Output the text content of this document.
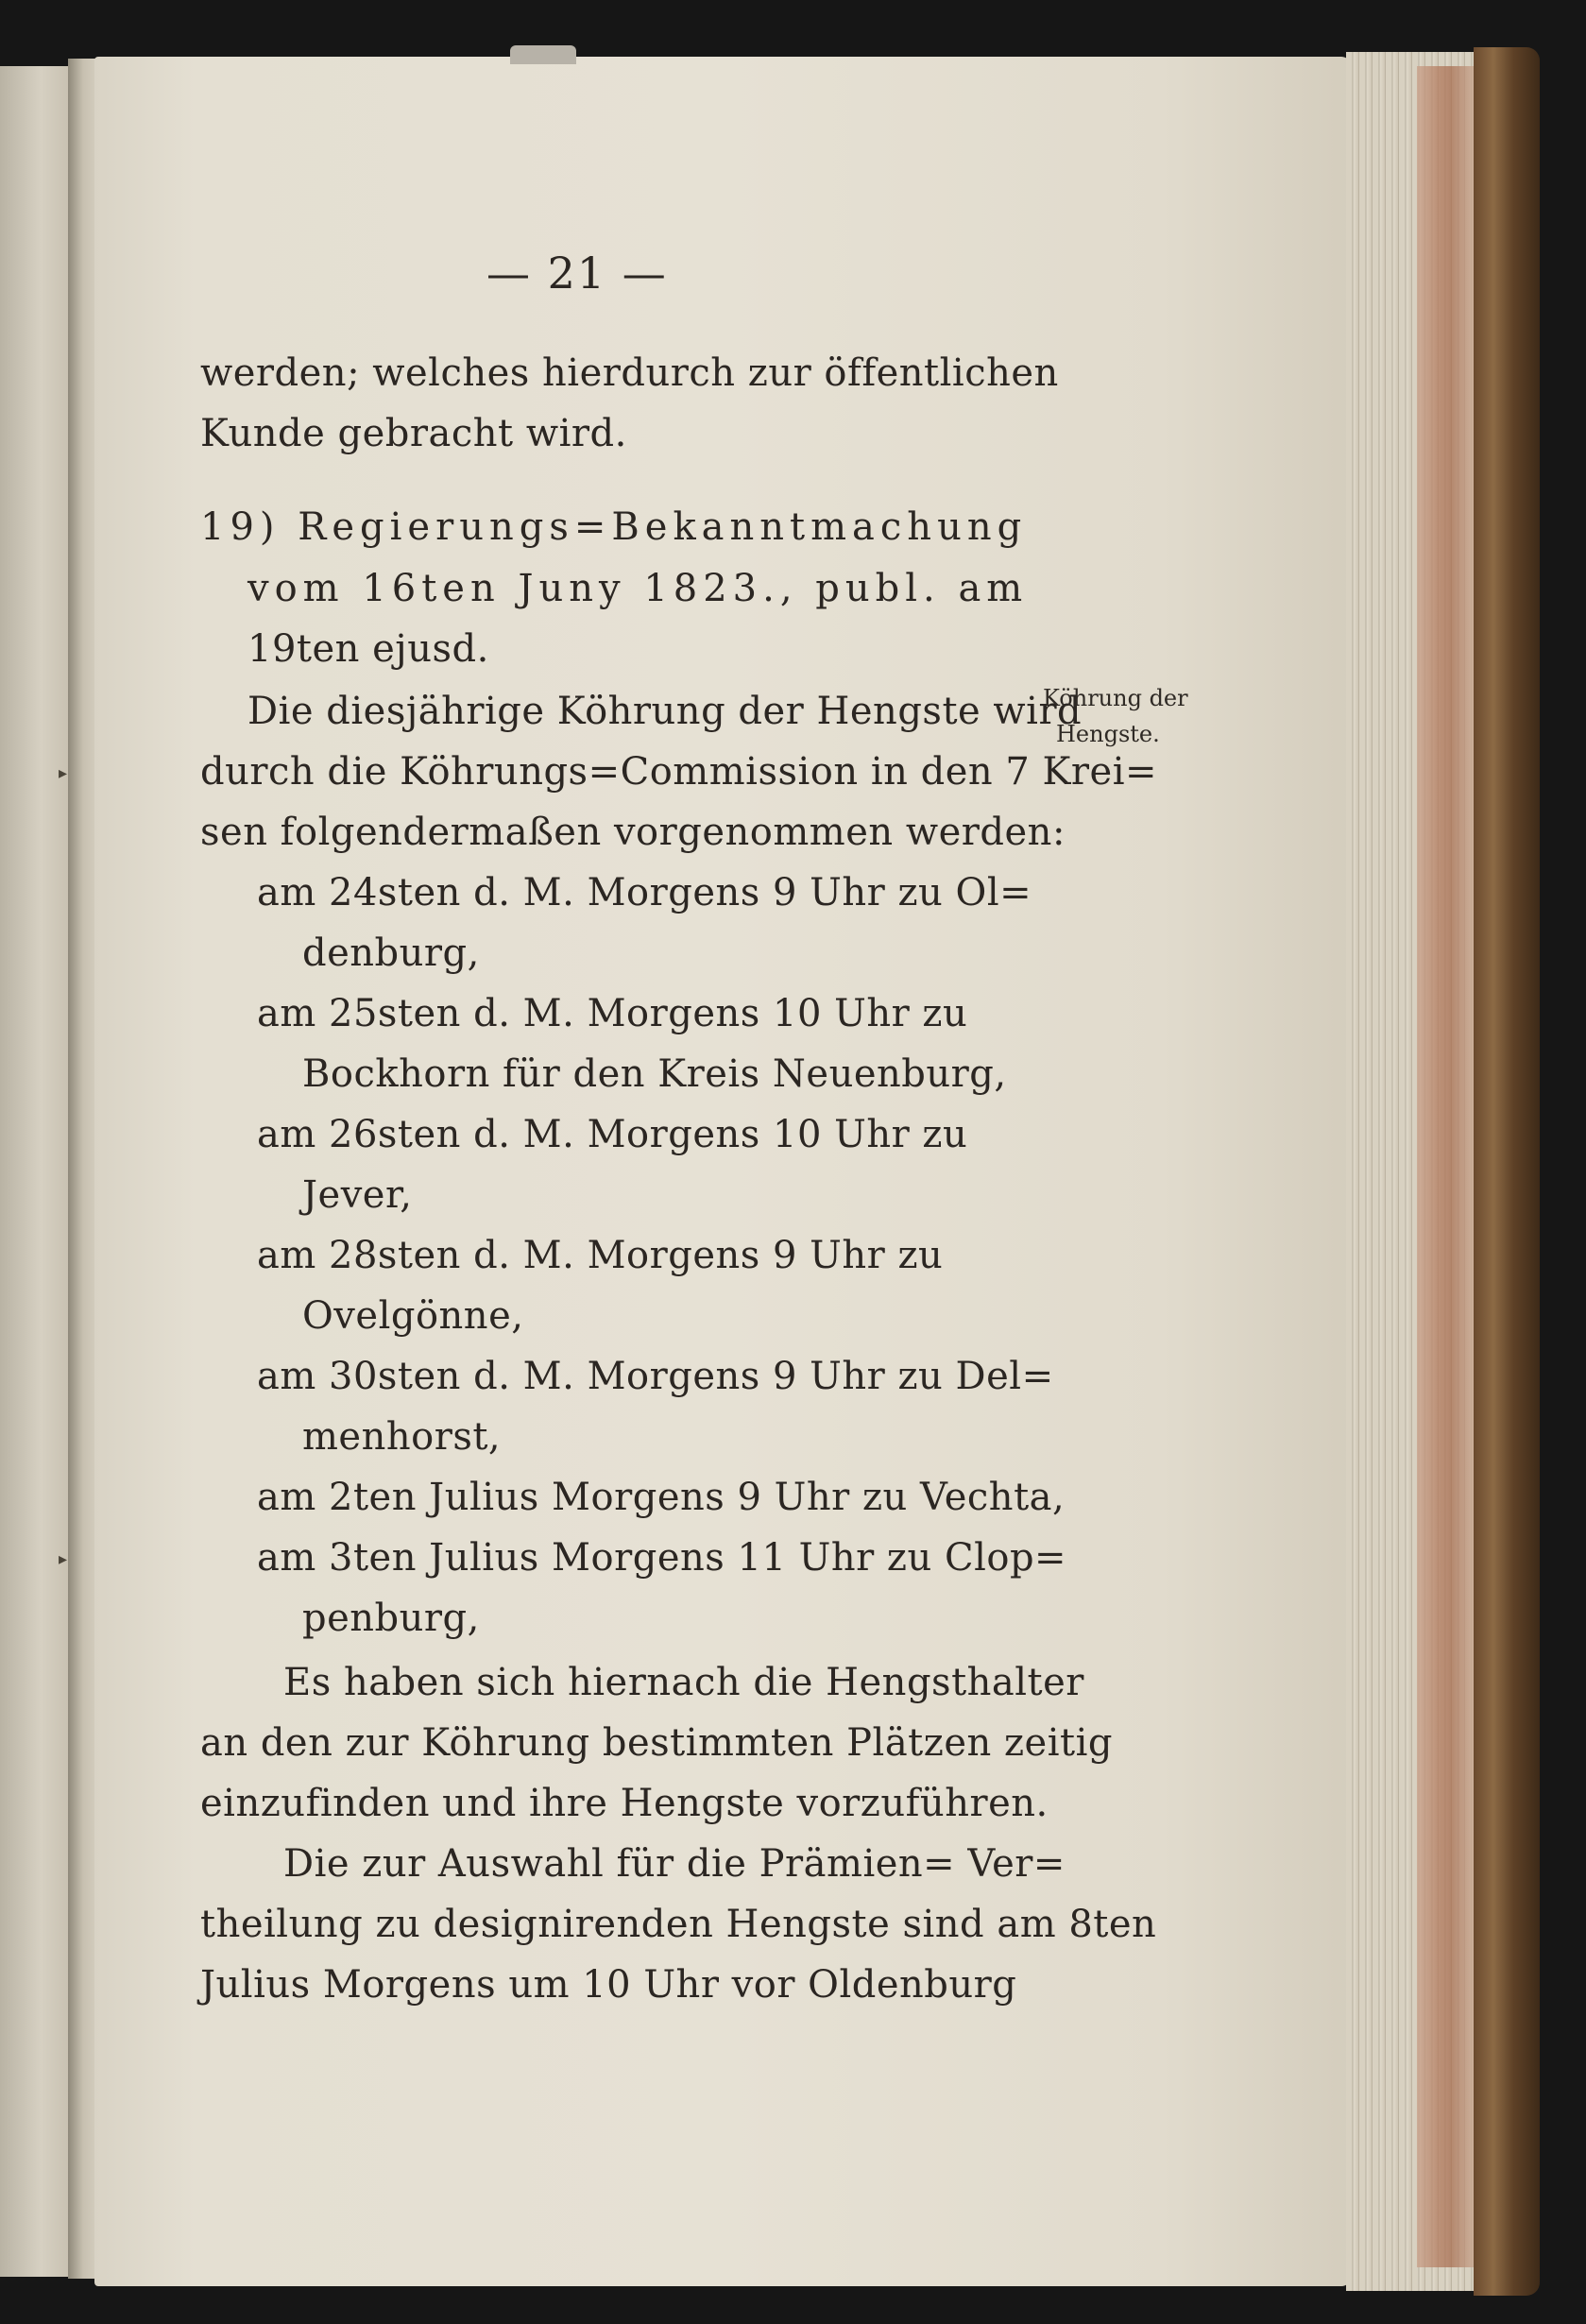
▸
▸
— 21 —
werden; welches hierdurch zur öffentlichen
Kunde gebracht wird.
19) Regierungs=Bekanntmachung
vom 16ten Juny 1823., publ. am
19ten ejusd.
Die diesjährige Köhrung der Hengste wird
durch die Köhrungs=Commission in den 7 Krei=
sen folgendermaßen vorgenommen werden:
am 24sten d. M. Morgens 9 Uhr zu Ol=
denburg,
am 25sten d. M. Morgens 10 Uhr zu
Bockhorn für den Kreis Neuenburg,
am 26sten d. M. Morgens 10 Uhr zu
Jever,
am 28sten d. M. Morgens 9 Uhr zu
Ovelgönne,
am 30sten d. M. Morgens 9 Uhr zu Del=
menhorst,
am 2ten Julius Morgens 9 Uhr zu Vechta,
am 3ten Julius Morgens 11 Uhr zu Clop=
penburg,
Es haben sich hiernach die Hengsthalter
an den zur Köhrung bestimmten Plätzen zeitig
einzufinden und ihre Hengste vorzuführen.
Die zur Auswahl für die Prämien= Ver=
theilung zu designirenden Hengste sind am 8ten
Julius Morgens um 10 Uhr vor Oldenburg
Köhrung der
Hengste.
